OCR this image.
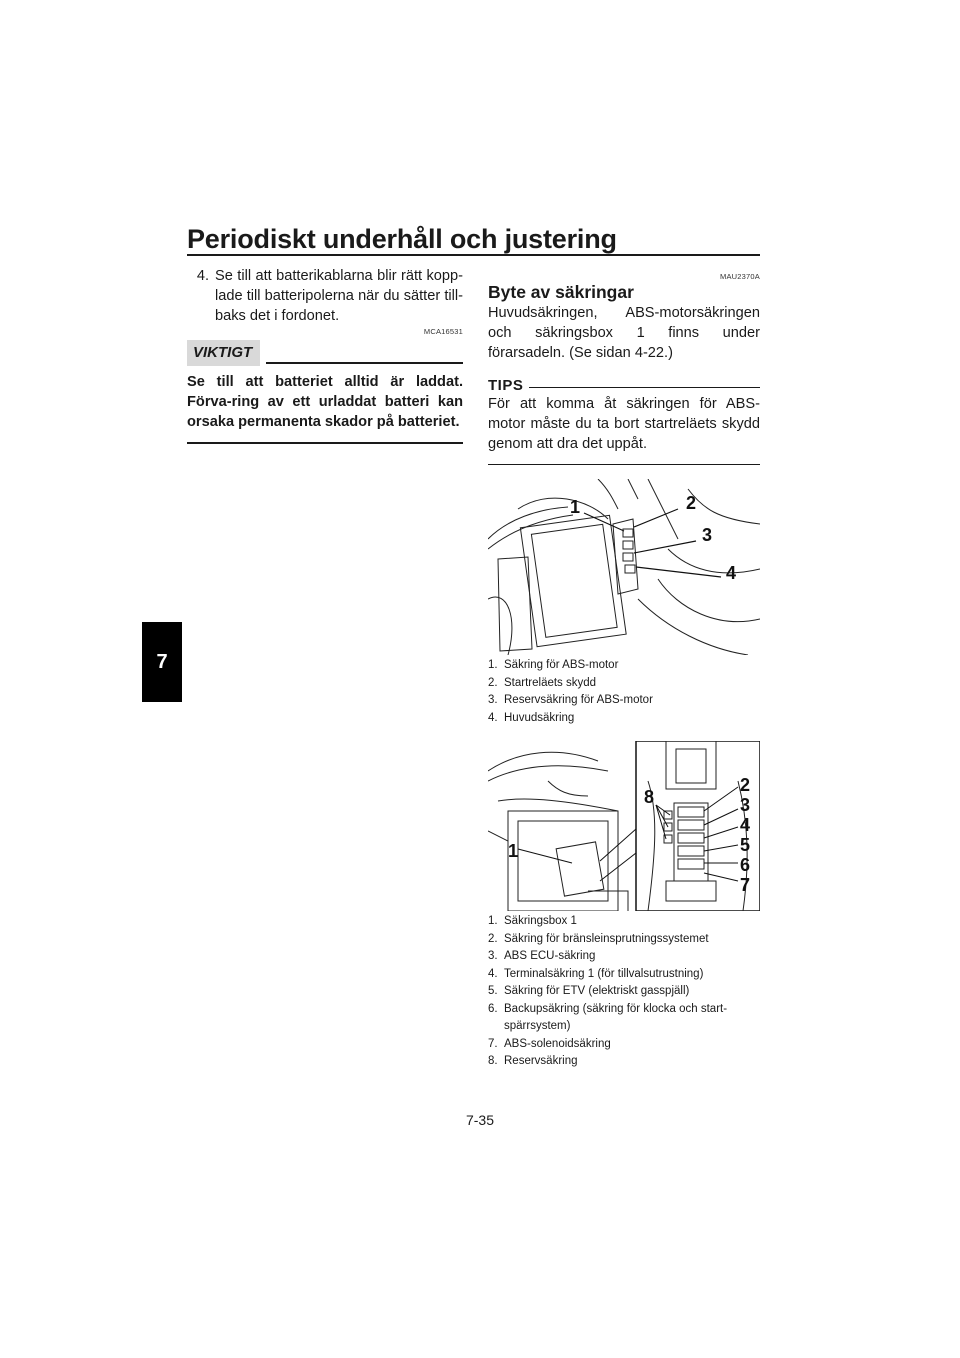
Periodiskt underhåll och justering
7
4. Se till att batterikablarna blir rätt kopp-lade till batteripolerna när du sätter till-baks det i fordonet.
MCA16531
VIKTIGT
Se till att batteriet alltid är laddat. Förva-ring av ett urladdat batteri kan orsaka permanenta skador på batteriet.
MAU2370A
Byte av säkringar
Huvudsäkringen, ABS-motorsäkringen och säkringsbox 1 finns under förarsadeln. (Se sidan 4-22.)
TIPS
För att komma åt säkringen för ABS-motor måste du ta bort startreläets skydd genom att dra det uppåt.
1	2
3
4
1. Säkring för ABS-motor
2. Startreläets skydd
3. Reservsäkring för ABS-motor
4. Huvudsäkring
1
2
3
4
5
6
7
8
1. Säkringsbox 1
2. Säkring för bränsleinsprutningssystemet
3. ABS ECU-säkring
4. Terminalsäkring 1 (för tillvalsutrustning)
5. Säkring för ETV (elektriskt gasspjäll)
6. Backupsäkring (säkring för klocka och start-spärrsystem)
7. ABS-solenoidsäkring
8. Reservsäkring
7-35
